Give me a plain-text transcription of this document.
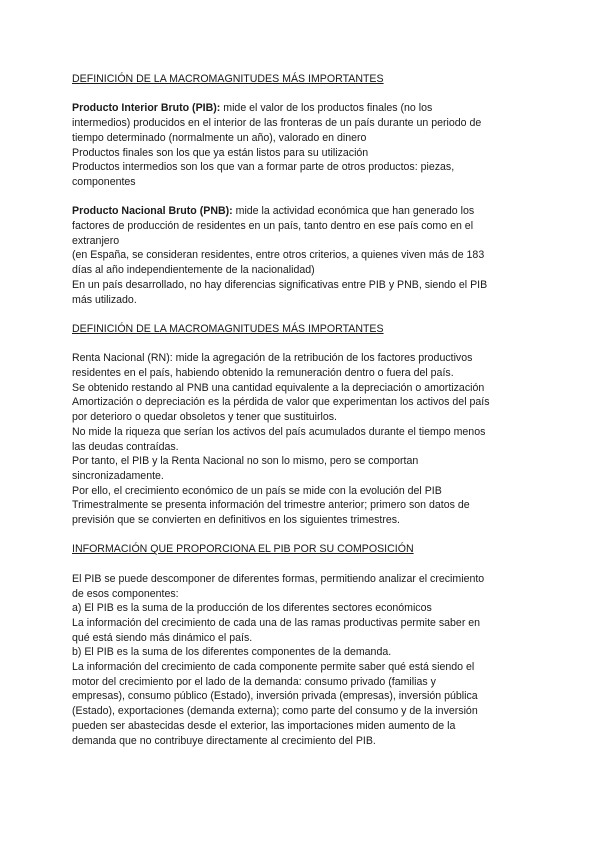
DEFINICIÓN DE LA MACROMAGNITUDES MÁS IMPORTANTES

Producto Interior Bruto (PIB): mide el valor de los productos finales (no los

intermedios) producidos en el interior de las fronteras de un país durante un periodo de

tiempo determinado (normalmente un año), valorado en dinero

Productos finales son los que ya están listos para su utilización

Productos intermedios son los que van a formar parte de otros productos: piezas,

componentes

Producto Nacional Bruto (PNB): mide la actividad económica que han generado los

factores de producción de residentes en un país, tanto dentro en ese país como en el

extranjero

(en España, se consideran residentes, entre otros criterios, a quienes viven más de 183

días al año independientemente de la nacionalidad)

En un país desarrollado, no hay diferencias significativas entre PIB y PNB, siendo el PIB

más utilizado.

DEFINICIÓN DE LA MACROMAGNITUDES MÁS IMPORTANTES

Renta Nacional (RN): mide la agregación de la retribución de los factores productivos

residentes en el país, habiendo obtenido la remuneración dentro o fuera del país.

Se obtenido restando al PNB una cantidad equivalente a la depreciación o amortización

Amortización o depreciación es la pérdida de valor que experimentan los activos del país

por deterioro o quedar obsoletos y tener que sustituirlos.

No mide la riqueza que serían los activos del país acumulados durante el tiempo menos

las deudas contraídas.

Por tanto, el PIB y la Renta Nacional no son lo mismo, pero se comportan

sincronizadamente.

Por ello, el crecimiento económico de un país se mide con la evolución del PIB

Trimestralmente se presenta información del trimestre anterior; primero son datos de

previsión que se convierten en definitivos en los siguientes trimestres.

INFORMACIÓN QUE PROPORCIONA EL PIB POR SU COMPOSICIÓN

El PIB se puede descomponer de diferentes formas, permitiendo analizar el crecimiento

de esos componentes:

a) El PIB es la suma de la producción de los diferentes sectores económicos

La información del crecimiento de cada una de las ramas productivas permite saber en

qué está siendo más dinámico el país.

b) El PIB es la suma de los diferentes componentes de la demanda.

La información del crecimiento de cada componente permite saber qué está siendo el

motor del crecimiento por el lado de la demanda: consumo privado (familias y

empresas), consumo público (Estado), inversión privada (empresas), inversión pública

(Estado), exportaciones (demanda externa); como parte del consumo y de la inversión

pueden ser abastecidas desde el exterior, las importaciones miden aumento de la

demanda que no contribuye directamente al crecimiento del PIB.
